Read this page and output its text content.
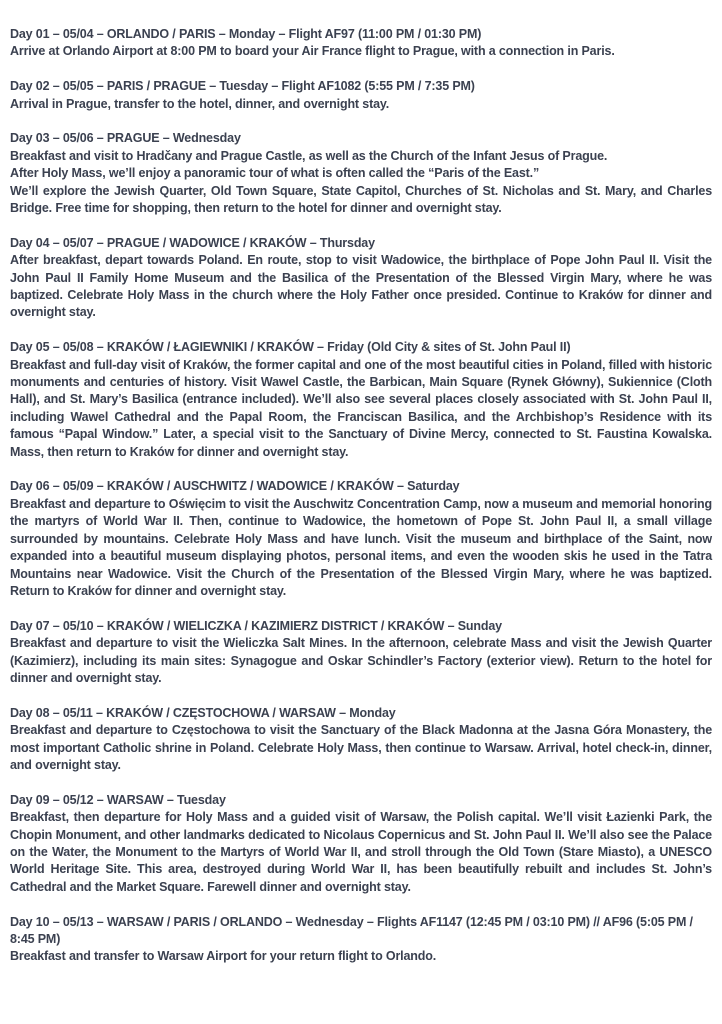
Day 01 – 05/04 – ORLANDO / PARIS – Monday – Flight AF97 (11:00 PM / 01:30 PM)

Arrive at Orlando Airport at 8:00 PM to board your Air France flight to Prague, with a connection in Paris.

Day 02 – 05/05 – PARIS / PRAGUE – Tuesday – Flight AF1082 (5:55 PM / 7:35 PM)

Arrival in Prague, transfer to the hotel, dinner, and overnight stay.

Day 03 – 05/06 – PRAGUE – Wednesday

Breakfast and visit to Hradčany and Prague Castle, as well as the Church of the Infant Jesus of Prague.

After Holy Mass, we’ll enjoy a panoramic tour of what is often called the “Paris of the East.”

We’ll explore the Jewish Quarter, Old Town Square, State Capitol, Churches of St. Nicholas and St. Mary, and Charles Bridge. Free time for shopping, then return to the hotel for dinner and overnight stay.

Day 04 – 05/07 – PRAGUE / WADOWICE / KRAKÓW – Thursday

After breakfast, depart towards Poland. En route, stop to visit Wadowice, the birthplace of Pope John Paul II. Visit the John Paul II Family Home Museum and the Basilica of the Presentation of the Blessed Virgin Mary, where he was baptized. Celebrate Holy Mass in the church where the Holy Father once presided. Continue to Kraków for dinner and overnight stay.

Day 05 – 05/08 – KRAKÓW / ŁAGIEWNIKI / KRAKÓW – Friday (Old City & sites of St. John Paul II)

Breakfast and full-day visit of Kraków, the former capital and one of the most beautiful cities in Poland, filled with historic monuments and centuries of history. Visit Wawel Castle, the Barbican, Main Square (Rynek Główny), Sukiennice (Cloth Hall), and St. Mary’s Basilica (entrance included). We’ll also see several places closely associated with St. John Paul II, including Wawel Cathedral and the Papal Room, the Franciscan Basilica, and the Archbishop’s Residence with its famous “Papal Window.” Later, a special visit to the Sanctuary of Divine Mercy, connected to St. Faustina Kowalska. Mass, then return to Kraków for dinner and overnight stay.

Day 06 – 05/09 – KRAKÓW / AUSCHWITZ / WADOWICE / KRAKÓW – Saturday

Breakfast and departure to Oświęcim to visit the Auschwitz Concentration Camp, now a museum and memorial honoring the martyrs of World War II. Then, continue to Wadowice, the hometown of Pope St. John Paul II, a small village surrounded by mountains. Celebrate Holy Mass and have lunch. Visit the museum and birthplace of the Saint, now expanded into a beautiful museum displaying photos, personal items, and even the wooden skis he used in the Tatra Mountains near Wadowice. Visit the Church of the Presentation of the Blessed Virgin Mary, where he was baptized. Return to Kraków for dinner and overnight stay.

Day 07 – 05/10 – KRAKÓW / WIELICZKA / KAZIMIERZ DISTRICT / KRAKÓW – Sunday

Breakfast and departure to visit the Wieliczka Salt Mines. In the afternoon, celebrate Mass and visit the Jewish Quarter (Kazimierz), including its main sites: Synagogue and Oskar Schindler’s Factory (exterior view). Return to the hotel for dinner and overnight stay.

Day 08 – 05/11 – KRAKÓW / CZĘSTOCHOWA / WARSAW – Monday

Breakfast and departure to Częstochowa to visit the Sanctuary of the Black Madonna at the Jasna Góra Monastery, the most important Catholic shrine in Poland. Celebrate Holy Mass, then continue to Warsaw. Arrival, hotel check-in, dinner, and overnight stay.

Day 09 – 05/12 – WARSAW – Tuesday

Breakfast, then departure for Holy Mass and a guided visit of Warsaw, the Polish capital. We’ll visit Łazienki Park, the Chopin Monument, and other landmarks dedicated to Nicolaus Copernicus and St. John Paul II. We’ll also see the Palace on the Water, the Monument to the Martyrs of World War II, and stroll through the Old Town (Stare Miasto), a UNESCO World Heritage Site. This area, destroyed during World War II, has been beautifully rebuilt and includes St. John’s Cathedral and the Market Square. Farewell dinner and overnight stay.

Day 10 – 05/13 – WARSAW / PARIS / ORLANDO – Wednesday – Flights AF1147 (12:45 PM / 03:10 PM) // AF96 (5:05 PM / 8:45 PM)

Breakfast and transfer to Warsaw Airport for your return flight to Orlando.
